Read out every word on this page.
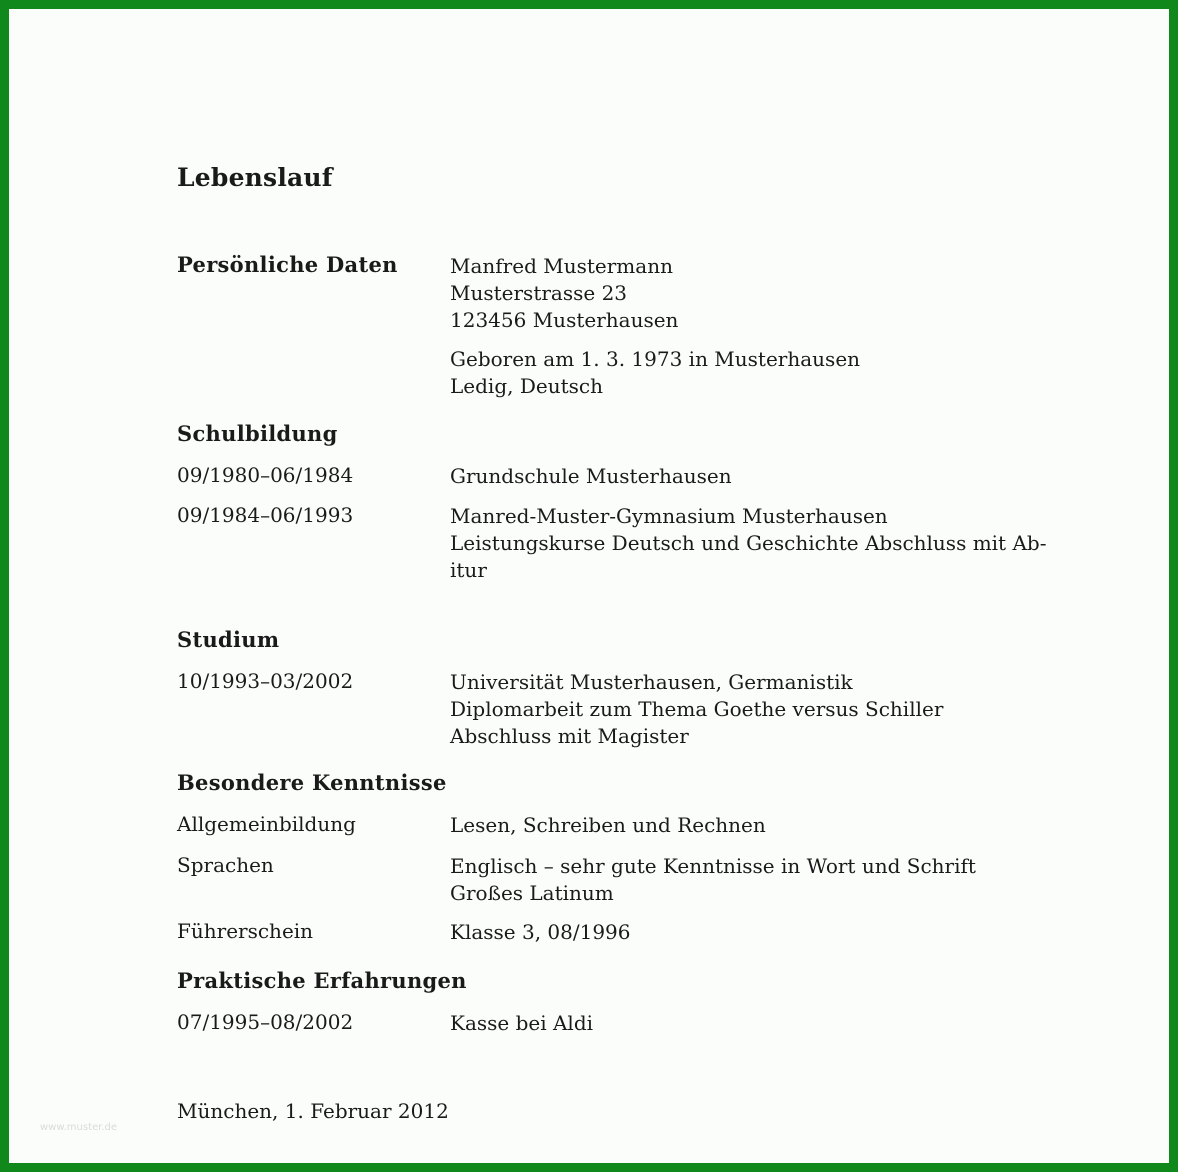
Lebenslauf
Persönliche Daten	Manfred Mustermann
Musterstrasse 23
123456 Musterhausen
Geboren am 1. 3. 1973 in Musterhausen
Ledig, Deutsch
Schulbildung
09/1980–06/1984	Grundschule Musterhausen
09/1984–06/1993	Manred-Muster-Gymnasium Musterhausen
Leistungskurse Deutsch und Geschichte Abschluss mit Ab-
itur
Studium
10/1993–03/2002	Universität Musterhausen, Germanistik
Diplomarbeit zum Thema Goethe versus Schiller
Abschluss mit Magister
Besondere Kenntnisse
Allgemeinbildung	Lesen, Schreiben und Rechnen
Sprachen	Englisch – sehr gute Kenntnisse in Wort und Schrift
Großes Latinum
Führerschein	Klasse 3, 08/1996
Praktische Erfahrungen
07/1995–08/2002	Kasse bei Aldi
München, 1. Februar 2012
www.muster.de
